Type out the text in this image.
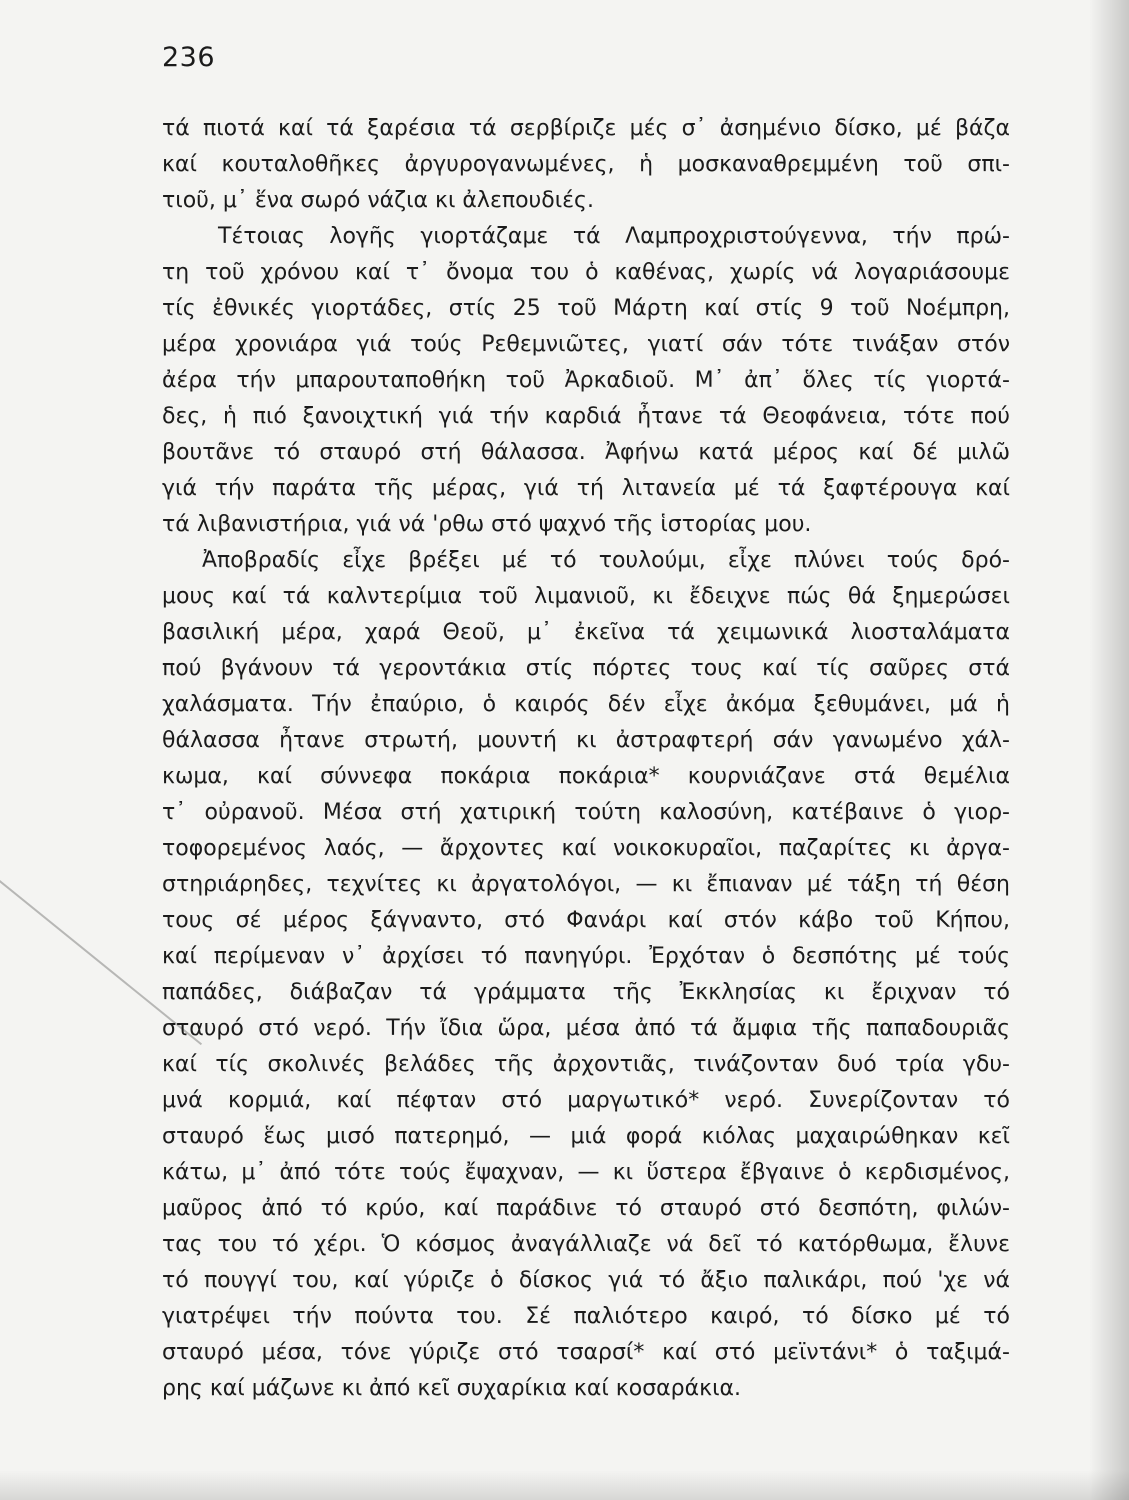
236
τά πιοτά καί τά ξαρέσια τά σερβίριζε μές σ᾽ ἀσημένιο δίσκο, μέ βάζα
καί κουταλοθῆκες ἀργυρογανωμένες, ἡ μοσκαναθρεμμένη τοῦ σπι-
τιοῦ, μ᾽ ἕνα σωρό νάζια κι ἀλεπουδιές.
Τέτοιας λογῆς γιορτάζαμε τά Λαμπροχριστούγεννα, τήν πρώ-
τη τοῦ χρόνου καί τ᾽ ὄνομα του ὁ καθένας, χωρίς νά λογαριάσουμε
τίς ἐθνικές γιορτάδες, στίς 25 τοῦ Μάρτη καί στίς 9 τοῦ Νοέμπρη,
μέρα χρονιάρα γιά τούς Ρεθεμνιῶτες, γιατί σάν τότε τινάξαν στόν
ἀέρα τήν μπαρουταποθήκη τοῦ Ἀρκαδιοῦ. Μ᾽ ἀπ᾽ ὅλες τίς γιορτά-
δες, ἡ πιό ξανοιχτική γιά τήν καρδιά ἦτανε τά Θεοφάνεια, τότε πού
βουτᾶνε τό σταυρό στή θάλασσα. Ἀφήνω κατά μέρος καί δέ μιλῶ
γιά τήν παράτα τῆς μέρας, γιά τή λιτανεία μέ τά ξαφτέρουγα καί
τά λιβανιστήρια, γιά νά 'ρθω στό ψαχνό τῆς ἱστορίας μου.
Ἀποβραδίς εἶχε βρέξει μέ τό τουλούμι, εἶχε πλύνει τούς δρό-
μους καί τά καλντερίμια τοῦ λιμανιοῦ, κι ἔδειχνε πώς θά ξημερώσει
βασιλική μέρα, χαρά Θεοῦ, μ᾽ ἐκεῖνα τά χειμωνικά λιοσταλάματα
πού βγάνουν τά γεροντάκια στίς πόρτες τους καί τίς σαῦρες στά
χαλάσματα. Τήν ἐπαύριο, ὁ καιρός δέν εἶχε ἀκόμα ξεθυμάνει, μά ἡ
θάλασσα ἦτανε στρωτή, μουντή κι ἀστραφτερή σάν γανωμένο χάλ-
κωμα, καί σύννεφα ποκάρια ποκάρια* κουρνιάζανε στά θεμέλια
τ᾽ οὐρανοῦ. Μέσα στή χατιρική τούτη καλοσύνη, κατέβαινε ὁ γιορ-
τοφορεμένος λαός, — ἄρχοντες καί νοικοκυραῖοι, παζαρίτες κι ἀργα-
στηριάρηδες, τεχνίτες κι ἀργατολόγοι, — κι ἔπιαναν μέ τάξη τή θέση
τους σέ μέρος ξάγναντο, στό Φανάρι καί στόν κάβο τοῦ Κήπου,
καί περίμεναν ν᾽ ἀρχίσει τό πανηγύρι. Ἐρχόταν ὁ δεσπότης μέ τούς
παπάδες, διάβαζαν τά γράμματα τῆς Ἐκκλησίας κι ἔριχναν τό
σταυρό στό νερό. Τήν ἴδια ὥρα, μέσα ἀπό τά ἄμφια τῆς παπαδουριᾶς
καί τίς σκολινές βελάδες τῆς ἀρχοντιᾶς, τινάζονταν δυό τρία γδυ-
μνά κορμιά, καί πέφταν στό μαργωτικό* νερό. Συνερίζονταν τό
σταυρό ἕως μισό πατερημό, — μιά φορά κιόλας μαχαιρώθηκαν κεῖ
κάτω, μ᾽ ἀπό τότε τούς ἔψαχναν, — κι ὕστερα ἔβγαινε ὁ κερδισμένος,
μαῦρος ἀπό τό κρύο, καί παράδινε τό σταυρό στό δεσπότη, φιλών-
τας του τό χέρι. Ὁ κόσμος ἀναγάλλιαζε νά δεῖ τό κατόρθωμα, ἔλυνε
τό πουγγί του, καί γύριζε ὁ δίσκος γιά τό ἄξιο παλικάρι, πού 'χε νά
γιατρέψει τήν πούντα του. Σέ παλιότερο καιρό, τό δίσκο μέ τό
σταυρό μέσα, τόνε γύριζε στό τσαρσί* καί στό μεϊντάνι* ὁ ταξιμά-
ρης καί μάζωνε κι ἀπό κεῖ συχαρίκια καί κοσαράκια.
